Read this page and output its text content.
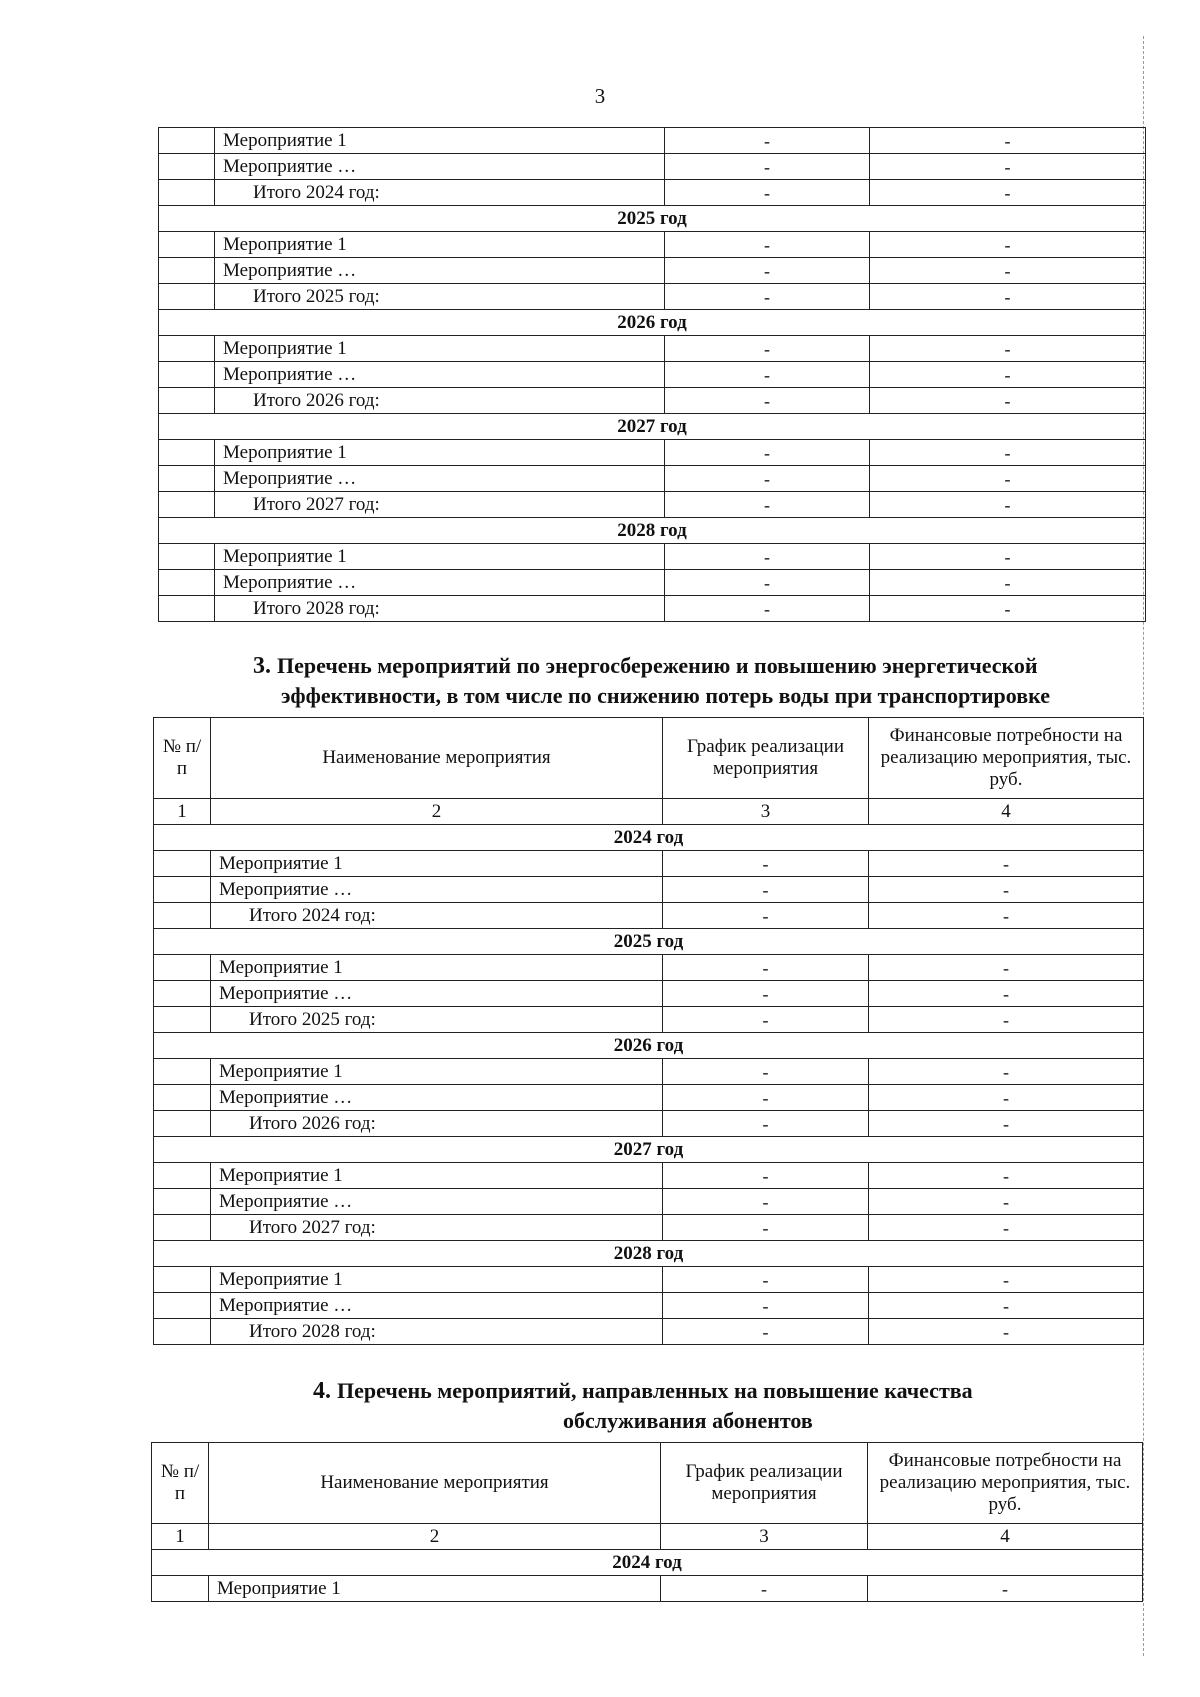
3
	Мероприятие 1	-	-
	Мероприятие …	-	-
	Итого 2024 год:	-	-
2025 год			
	Мероприятие 1	-	-
	Мероприятие …	-	-
	Итого 2025 год:	-	-
2026 год			
	Мероприятие 1	-	-
	Мероприятие …	-	-
	Итого 2026 год:	-	-
2027 год			
	Мероприятие 1	-	-
	Мероприятие …	-	-
	Итого 2027 год:	-	-
2028 год			
	Мероприятие 1	-	-
	Мероприятие …	-	-
	Итого 2028 год:	-	-
3. Перечень мероприятий по энергосбережению и повышению энергетической
эффективности, в том числе по снижению потерь воды при транспортировке
№ п/п	Наименование мероприятия	График реализации мероприятия	Финансовые потребности на реализацию мероприятия, тыс. руб.
1	2	3	4
2024 год			
	Мероприятие 1	-	-
	Мероприятие …	-	-
	Итого 2024 год:	-	-
2025 год			
	Мероприятие 1	-	-
	Мероприятие …	-	-
	Итого 2025 год:	-	-
2026 год			
	Мероприятие 1	-	-
	Мероприятие …	-	-
	Итого 2026 год:	-	-
2027 год			
	Мероприятие 1	-	-
	Мероприятие …	-	-
	Итого 2027 год:	-	-
2028 год			
	Мероприятие 1	-	-
	Мероприятие …	-	-
	Итого 2028 год:	-	-
4. Перечень мероприятий, направленных на повышение качества
обслуживания абонентов
№ п/п	Наименование мероприятия	График реализации мероприятия	Финансовые потребности на реализацию мероприятия, тыс. руб.
1	2	3	4
2024 год			
	Мероприятие 1	-	-
